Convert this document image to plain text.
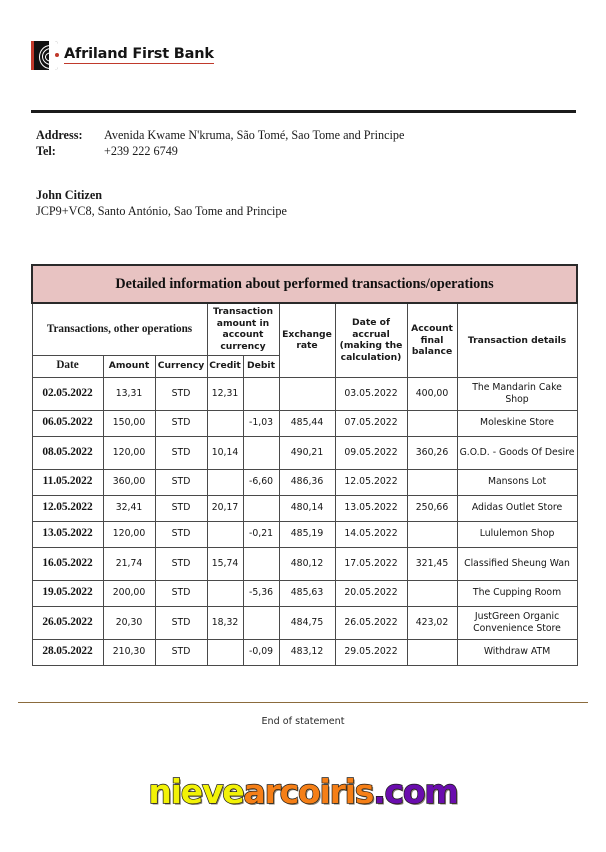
Afriland First Bank
Address:	Avenida Kwame N'kruma, São Tomé, Sao Tome and Principe
Tel:	+239 222 6749
John Citizen
JCP9+VC8, Santo António, Sao Tome and Principe
Detailed information about performed transactions/operations								
Transactions, other operations			Transaction amount in account currency		Exchange rate	Date of accrual (making the calculation)	Account final balance	Transaction details
Date	Amount	Currency	Credit	Debit				
02.05.2022	13,31	STD	12,31			03.05.2022	400,00	The Mandarin Cake Shop
06.05.2022	150,00	STD		-1,03	485,44	07.05.2022		Moleskine Store
08.05.2022	120,00	STD	10,14		490,21	09.05.2022	360,26	G.O.D. - Goods Of Desire
11.05.2022	360,00	STD		-6,60	486,36	12.05.2022		Mansons Lot
12.05.2022	32,41	STD	20,17		480,14	13.05.2022	250,66	Adidas Outlet Store
13.05.2022	120,00	STD		-0,21	485,19	14.05.2022		Lululemon Shop
16.05.2022	21,74	STD	15,74		480,12	17.05.2022	321,45	Classified Sheung Wan
19.05.2022	200,00	STD		-5,36	485,63	20.05.2022		The Cupping Room
26.05.2022	20,30	STD	18,32		484,75	26.05.2022	423,02	JustGreen Organic Convenience Store
28.05.2022	210,30	STD		-0,09	483,12	29.05.2022		Withdraw ATM
End of statement
nievearcoiris.com
